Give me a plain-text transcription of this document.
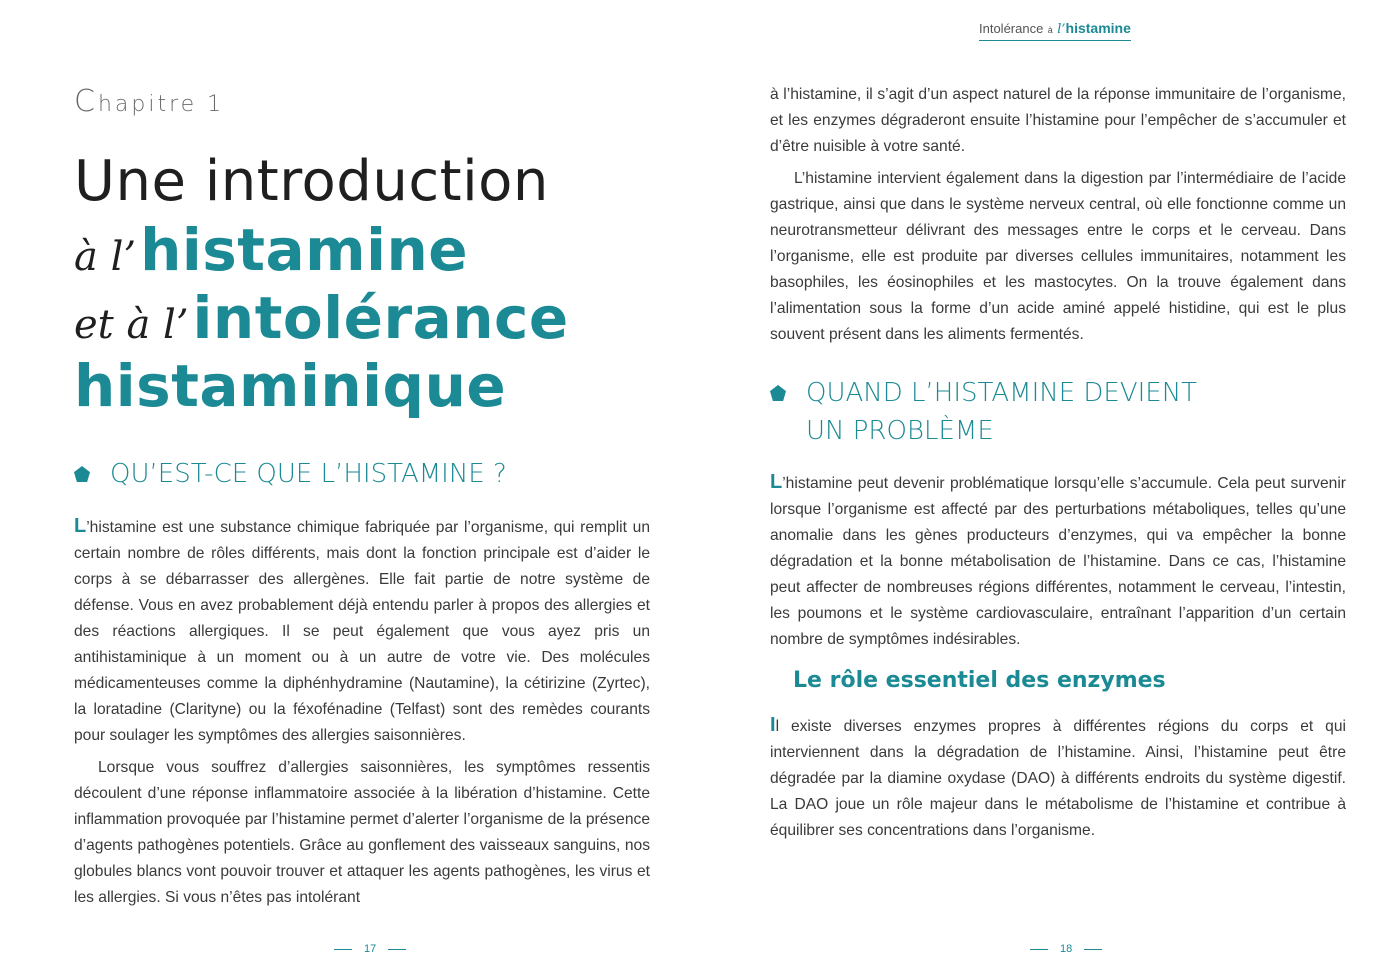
Chapitre 1
Une introduction
à l’histamine
et à l’intolérance
histaminique
QU’EST-CE QUE L’HISTAMINE ?

L’histamine est une substance chimique fabriquée par l’organisme, qui remplit un certain nombre de rôles différents, mais dont la fonction principale est d’aider le corps à se débarrasser des allergènes. Elle fait partie de notre système de défense. Vous en avez probablement déjà entendu parler à propos des allergies et des réactions allergiques. Il se peut également que vous ayez pris un antihistaminique à un moment ou à un autre de votre vie. Des molécules médicamenteuses comme la diphénhydramine (Nautamine), la cétirizine (Zyrtec), la loratadine (Clarityne) ou la féxofénadine (Telfast) sont des remèdes courants pour soulager les symptômes des allergies saisonnières.

Lorsque vous souffrez d’allergies saisonnières, les symptômes ressentis découlent d’une réponse inflammatoire associée à la libération d’histamine. Cette inflammation provoquée par l’histamine permet d’alerter l’organisme de la présence d’agents pathogènes potentiels. Grâce au gonflement des vaisseaux sanguins, nos globules blancs vont pouvoir trouver et attaquer les agents pathogènes, les virus et les allergies. Si vous n’êtes pas intolérant

17
Intolérance à l’histamine

à l’histamine, il s’agit d’un aspect naturel de la réponse immunitaire de l’organisme, et les enzymes dégraderont ensuite l’histamine pour l’empêcher de s’accumuler et d’être nuisible à votre santé.

L’histamine intervient également dans la digestion par l’intermédiaire de l’acide gastrique, ainsi que dans le système nerveux central, où elle fonctionne comme un neurotransmetteur délivrant des messages entre le corps et le cerveau. Dans l’organisme, elle est produite par diverses cellules immunitaires, notamment les basophiles, les éosinophiles et les mastocytes. On la trouve également dans l’alimentation sous la forme d’un acide aminé appelé histidine, qui est le plus souvent présent dans les aliments fermentés.

QUAND L’HISTAMINE DEVIENT
UN PROBLÈME

L’histamine peut devenir problématique lorsqu’elle s’accumule. Cela peut survenir lorsque l’organisme est affecté par des perturbations métaboliques, telles qu’une anomalie dans les gènes producteurs d’enzymes, qui va empêcher la bonne dégradation et la bonne métabolisation de l’histamine. Dans ce cas, l’histamine peut affecter de nombreuses régions différentes, notamment le cerveau, l’intestin, les poumons et le système cardiovasculaire, entraînant l’apparition d’un certain nombre de symptômes indésirables.

Le rôle essentiel des enzymes

Il existe diverses enzymes propres à différentes régions du corps et qui interviennent dans la dégradation de l’histamine. Ainsi, l’histamine peut être dégradée par la diamine oxydase (DAO) à différents endroits du système digestif. La DAO joue un rôle majeur dans le métabolisme de l’histamine et contribue à équilibrer ses concentrations dans l’organisme.

18
